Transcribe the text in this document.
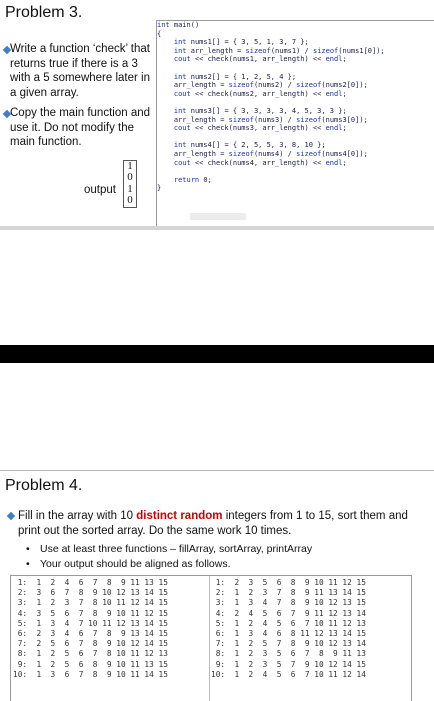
Problem 3.
Write a function ‘check’ that returns true if there is a 3 with a 5 somewhere later in a given array.
Copy the main function and use it. Do not modify the main function.
output
1
0
1
0
int main()
{
int nums1[] = { 3, 5, 1, 3, 7 };
int arr_length = sizeof(nums1) / sizeof(nums1[0]);
cout << check(nums1, arr_length) << endl;

int nums2[] = { 1, 2, 5, 4 };
arr_length = sizeof(nums2) / sizeof(nums2[0]);
cout << check(nums2, arr_length) << endl;

int nums3[] = { 3, 3, 3, 3, 4, 5, 3, 3 };
arr_length = sizeof(nums3) / sizeof(nums3[0]);
cout << check(nums3, arr_length) << endl;

int nums4[] = { 2, 5, 5, 3, 8, 10 };
arr_length = sizeof(nums4) / sizeof(nums4[0]);
cout << check(nums4, arr_length) << endl;

return 0;
}
Problem 4.
Fill in the array with 10 distinct random integers from 1 to 15, sort them and print out the sorted array. Do the same work 10 times.
• Use at least three functions – fillArray, sortArray, printArray
• Your output should be aligned as follows.
1:  1  2  4  6  7  8  9 11 13 15
2:  3  6  7  8  9 10 12 13 14 15
3:  1  2  3  7  8 10 11 12 14 15
4:  3  5  6  7  8  9 10 11 12 15
5:  1  3  4  7 10 11 12 13 14 15
6:  2  3  4  6  7  8  9 13 14 15
7:  2  5  6  7  8  9 10 12 14 15
8:  1  2  5  6  7  8 10 11 12 13
9:  1  2  5  6  8  9 10 11 13 15
10:  1  3  6  7  8  9 10 11 14 15
1:  2  3  5  6  8  9 10 11 12 15
2:  1  2  3  7  8  9 11 13 14 15
3:  1  3  4  7  8  9 10 12 13 15
4:  2  4  5  6  7  9 11 12 13 14
5:  1  2  4  5  6  7 10 11 12 13
6:  1  3  4  6  8 11 12 13 14 15
7:  1  2  5  7  8  9 10 12 13 14
8:  1  2  3  5  6  7  8  9 11 13
9:  1  2  3  5  7  9 10 12 14 15
10:  1  2  4  5  6  7 10 11 12 14
